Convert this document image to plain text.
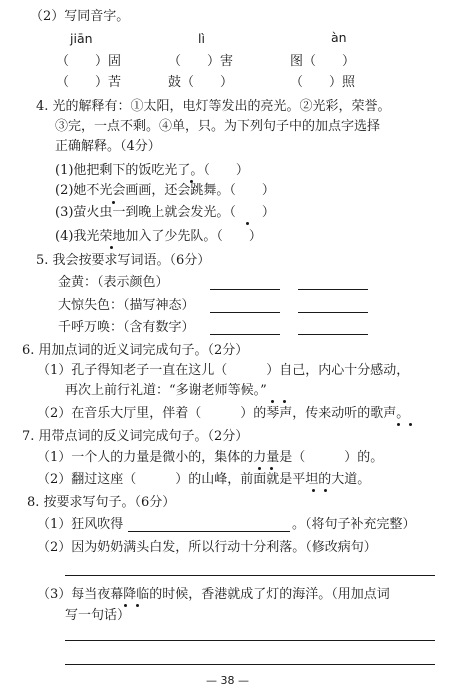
（2）写同音字。
jiān	lì	àn
（　　）固	（　　）害	图（　　）
（　　）苦	鼓（　　）	（　　）照
4. 光的解释有：①太阳，电灯等发出的亮光。②光彩，荣誉。
③完，一点不剩。④单，只。为下列句子中的加点字选择
正确解释。（4分）
(1)他把剩下的饭吃光了。（　　）
(2)她不光会画画，还会跳舞。（　　）
(3)萤火虫一到晚上就会发光。（　　）
(4)我光荣地加入了少先队。（　　）
5. 我会按要求写词语。（6分）
金黄：（表示颜色）
大惊失色：（描写神态）
千呼万唤：（含有数字）
6. 用加点词的近义词完成句子。（2分）
（1）孔子得知老子一直在这儿（　　　）自己，内心十分感动，
再次上前行礼道：“多谢老师等候。”
（2）在音乐大厅里，伴着（　　　）的琴声，传来动听的歌声。
7. 用带点词的反义词完成句子。（2分）
（1）一个人的力量是微小的，集体的力量是（　　　）的。
（2）翻过这座（　　　）的山峰，前面就是平坦的大道。
8. 按要求写句子。（6分）
（1）狂风吹得	。（将句子补充完整）
（2）因为奶奶满头白发，所以行动十分利落。（修改病句）
（3）每当夜幕降临的时候，香港就成了灯的海洋。（用加点词
写一句话）
— 38 —
